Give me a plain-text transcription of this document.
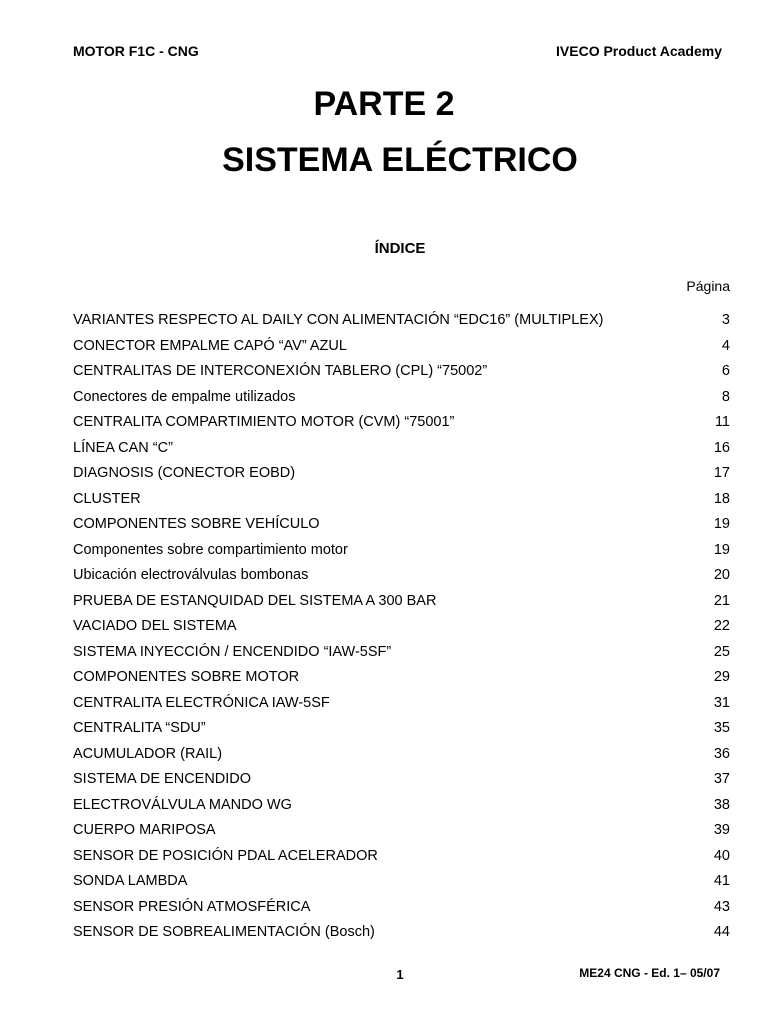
MOTOR F1C - CNG	IVECO Product Academy
PARTE 2
SISTEMA ELÉCTRICO
ÍNDICE
Página
VARIANTES RESPECTO AL DAILY CON ALIMENTACIÓN “EDC16” (MULTIPLEX)	3
CONECTOR EMPALME CAPÓ “AV” AZUL	4
CENTRALITAS DE INTERCONEXIÓN TABLERO (CPL) “75002”	6
Conectores de empalme utilizados	8
CENTRALITA COMPARTIMIENTO MOTOR (CVM) “75001”	11
LÍNEA CAN “C”	16
DIAGNOSIS (CONECTOR EOBD)	17
CLUSTER	18
COMPONENTES SOBRE VEHÍCULO	19
Componentes sobre compartimiento motor	19
Ubicación electroválvulas bombonas	20
PRUEBA DE ESTANQUIDAD DEL SISTEMA A 300 BAR	21
VACIADO DEL SISTEMA	22
SISTEMA INYECCIÓN / ENCENDIDO “IAW-5SF”	25
COMPONENTES SOBRE MOTOR	29
CENTRALITA ELECTRÓNICA IAW-5SF	31
CENTRALITA “SDU”	35
ACUMULADOR (RAIL)	36
SISTEMA DE ENCENDIDO	37
ELECTROVÁLVULA MANDO WG	38
CUERPO MARIPOSA	39
SENSOR DE POSICIÓN PDAL ACELERADOR	40
SONDA LAMBDA	41
SENSOR PRESIÓN ATMOSFÉRICA	43
SENSOR DE SOBREALIMENTACIÓN (Bosch)	44
1	ME24 CNG - Ed. 1– 05/07
